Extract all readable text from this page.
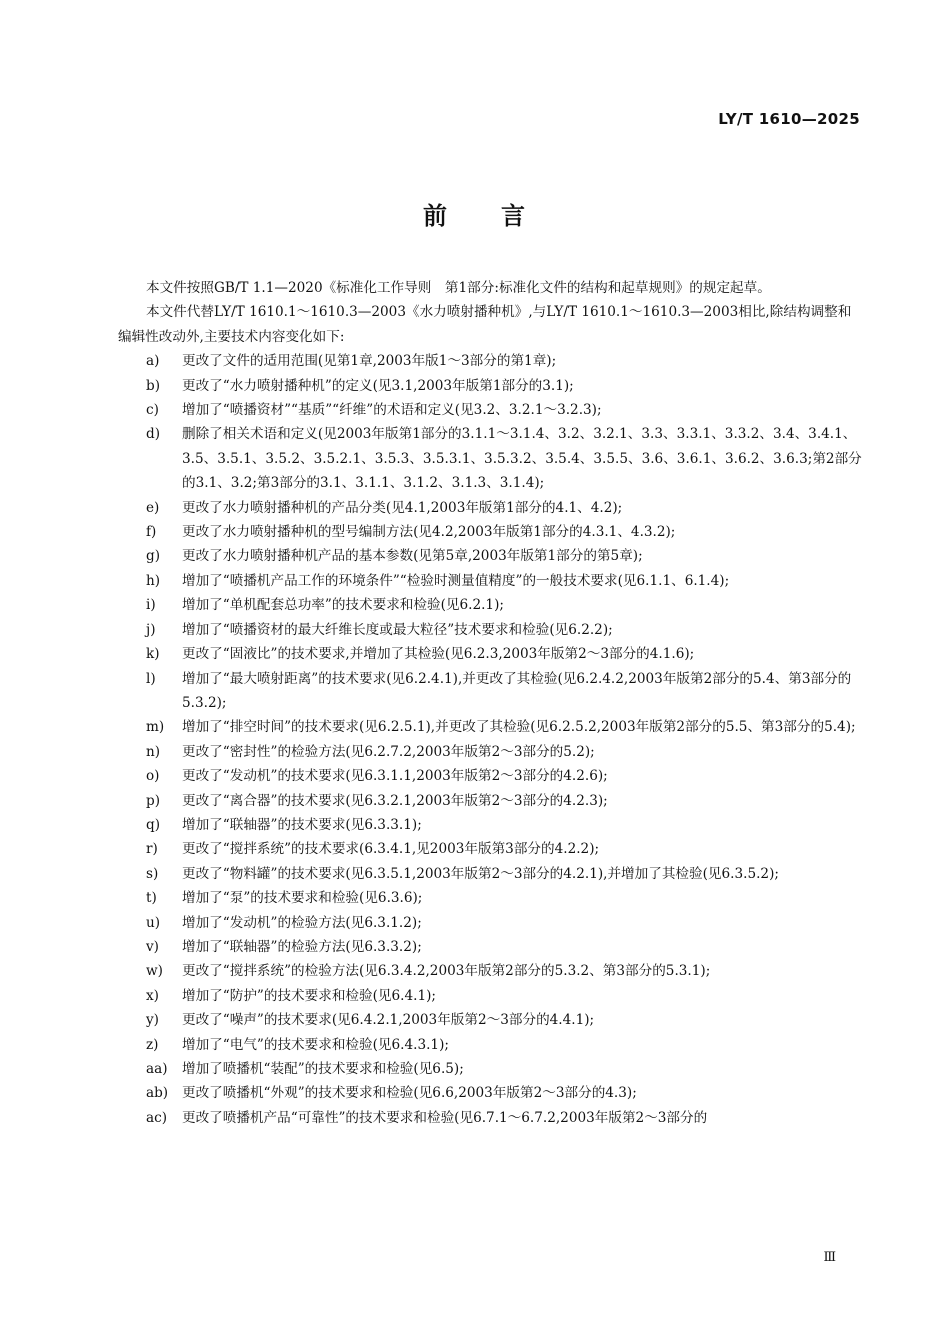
LY/T 1610—2025
前 言

本文件按照GB/T 1.1—2020《标准化工作导则　第1部分:标准化文件的结构和起草规则》的规定起草。

本文件代替LY/T 1610.1～1610.3—2003《水力喷射播种机》,与LY/T 1610.1～1610.3—2003相比,除结构调整和编辑性改动外,主要技术内容变化如下:

a)	更改了文件的适用范围(见第1章,2003年版1～3部分的第1章);
b)	更改了“水力喷射播种机”的定义(见3.1,2003年版第1部分的3.1);
c)	增加了“喷播资材”“基质”“纤维”的术语和定义(见3.2、3.2.1～3.2.3);
d)	删除了相关术语和定义(见2003年版第1部分的3.1.1～3.1.4、3.2、3.2.1、3.3、3.3.1、3.3.2、3.4、3.4.1、3.5、3.5.1、3.5.2、3.5.2.1、3.5.3、3.5.3.1、3.5.3.2、3.5.4、3.5.5、3.6、3.6.1、3.6.2、3.6.3;第2部分的3.1、3.2;第3部分的3.1、3.1.1、3.1.2、3.1.3、3.1.4);
e)	更改了水力喷射播种机的产品分类(见4.1,2003年版第1部分的4.1、4.2);
f)	更改了水力喷射播种机的型号编制方法(见4.2,2003年版第1部分的4.3.1、4.3.2);
g)	更改了水力喷射播种机产品的基本参数(见第5章,2003年版第1部分的第5章);
h)	增加了“喷播机产品工作的环境条件”“检验时测量值精度”的一般技术要求(见6.1.1、6.1.4);
i)	增加了“单机配套总功率”的技术要求和检验(见6.2.1);
j)	增加了“喷播资材的最大纤维长度或最大粒径”技术要求和检验(见6.2.2);
k)	更改了“固液比”的技术要求,并增加了其检验(见6.2.3,2003年版第2～3部分的4.1.6);
l)	增加了“最大喷射距离”的技术要求(见6.2.4.1),并更改了其检验(见6.2.4.2,2003年版第2部分的5.4、第3部分的5.3.2);
m)	增加了“排空时间”的技术要求(见6.2.5.1),并更改了其检验(见6.2.5.2,2003年版第2部分的5.5、第3部分的5.4);
n)	更改了“密封性”的检验方法(见6.2.7.2,2003年版第2～3部分的5.2);
o)	更改了“发动机”的技术要求(见6.3.1.1,2003年版第2～3部分的4.2.6);
p)	更改了“离合器”的技术要求(见6.3.2.1,2003年版第2～3部分的4.2.3);
q)	增加了“联轴器”的技术要求(见6.3.3.1);
r)	更改了“搅拌系统”的技术要求(6.3.4.1,见2003年版第3部分的4.2.2);
s)	更改了“物料罐”的技术要求(见6.3.5.1,2003年版第2～3部分的4.2.1),并增加了其检验(见6.3.5.2);
t)	增加了“泵”的技术要求和检验(见6.3.6);
u)	增加了“发动机”的检验方法(见6.3.1.2);
v)	增加了“联轴器”的检验方法(见6.3.3.2);
w)	更改了“搅拌系统”的检验方法(见6.3.4.2,2003年版第2部分的5.3.2、第3部分的5.3.1);
x)	增加了“防护”的技术要求和检验(见6.4.1);
y)	更改了“噪声”的技术要求(见6.4.2.1,2003年版第2～3部分的4.4.1);
z)	增加了“电气”的技术要求和检验(见6.4.3.1);
aa)	增加了喷播机“装配”的技术要求和检验(见6.5);
ab)	更改了喷播机“外观”的技术要求和检验(见6.6,2003年版第2～3部分的4.3);
ac)	更改了喷播机产品“可靠性”的技术要求和检验(见6.7.1～6.7.2,2003年版第2～3部分的
Ⅲ
